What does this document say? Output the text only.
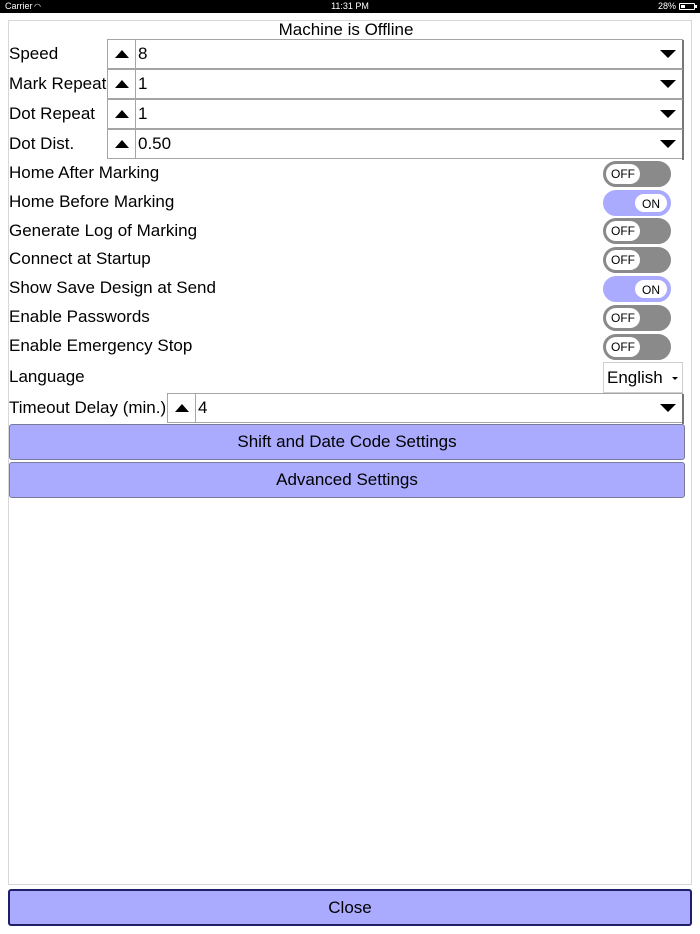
Carrier ◠	11:31 PM	28%
Machine is Offline
Speed	8
Mark Repeat 1
Dot Repeat	1
Dot Dist.	0.50
Home After Marking	OFF
Home Before Marking	ON
Generate Log of Marking	OFF
Connect at Startup	OFF
Show Save Design at Send	ON
Enable Passwords	OFF
Enable Emergency Stop	OFF
Language	English
Timeout Delay (min.) 4
Shift and Date Code Settings
Advanced Settings
Close
